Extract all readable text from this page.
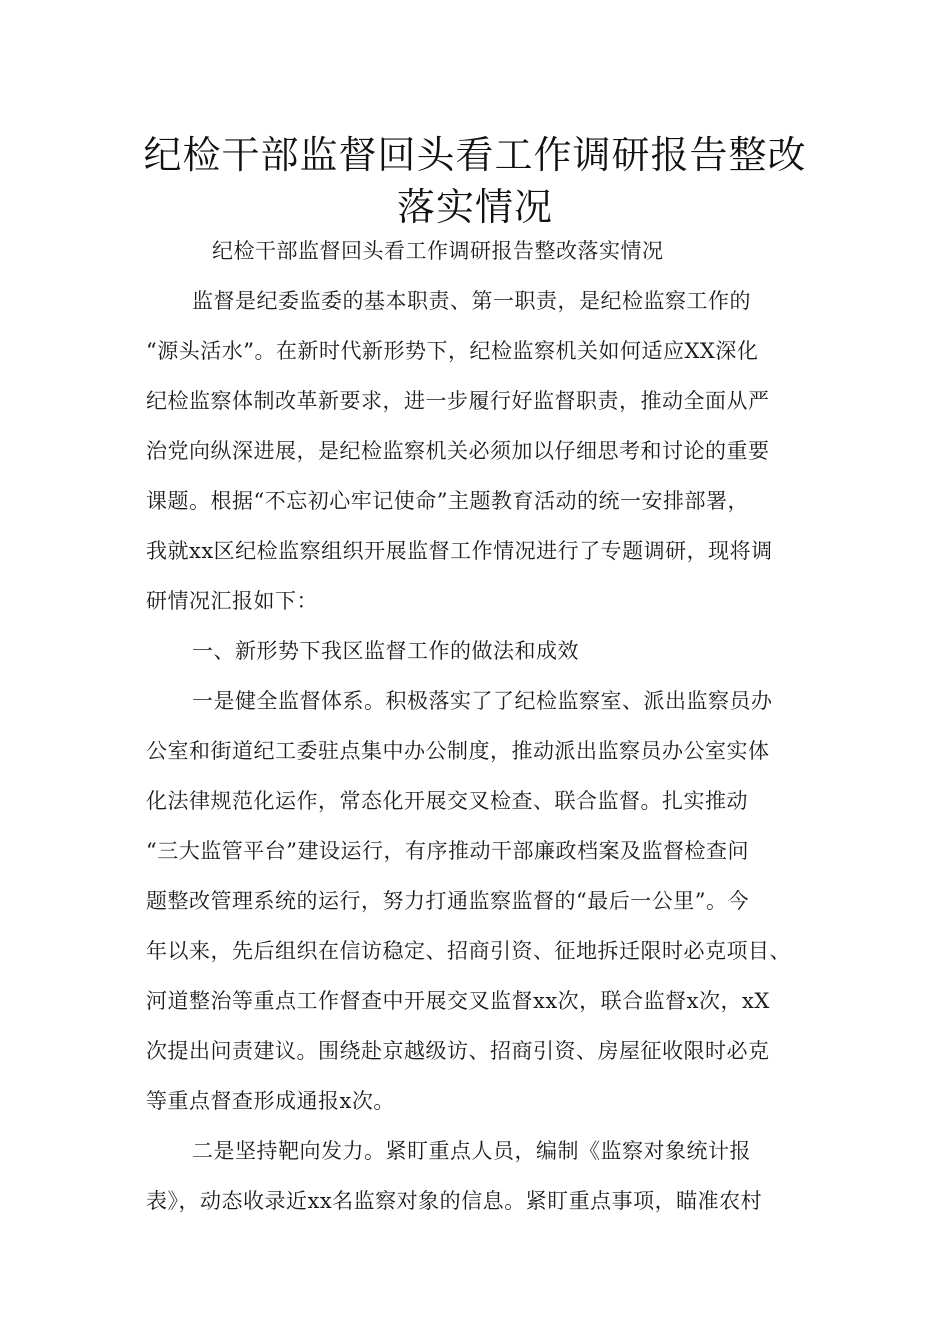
纪检干部监督回头看工作调研报告整改
落实情况
纪检干部监督回头看工作调研报告整改落实情况
监督是纪委监委的基本职责、第一职责，是纪检监察工作的
“源头活水”。在新时代新形势下，纪检监察机关如何适应XX深化
纪检监察体制改革新要求，进一步履行好监督职责，推动全面从严
治党向纵深进展，是纪检监察机关必须加以仔细思考和讨论的重要
课题。根据“不忘初心牢记使命”主题教育活动的统一安排部署，
我就xx区纪检监察组织开展监督工作情况进行了专题调研，现将调
研情况汇报如下：
一、新形势下我区监督工作的做法和成效
一是健全监督体系。积极落实了了纪检监察室、派出监察员办
公室和街道纪工委驻点集中办公制度，推动派出监察员办公室实体
化法律规范化运作，常态化开展交叉检查、联合监督。扎实推动
“三大监管平台”建设运行，有序推动干部廉政档案及监督检查问
题整改管理系统的运行，努力打通监察监督的“最后一公里”。今
年以来，先后组织在信访稳定、招商引资、征地拆迁限时必克项目、
河道整治等重点工作督查中开展交叉监督xx次，联合监督x次，xX
次提出问责建议。围绕赴京越级访、招商引资、房屋征收限时必克
等重点督查形成通报x次。
二是坚持靶向发力。紧盯重点人员，编制《监察对象统计报
表》，动态收录近xx名监察对象的信息。紧盯重点事项，瞄准农村
